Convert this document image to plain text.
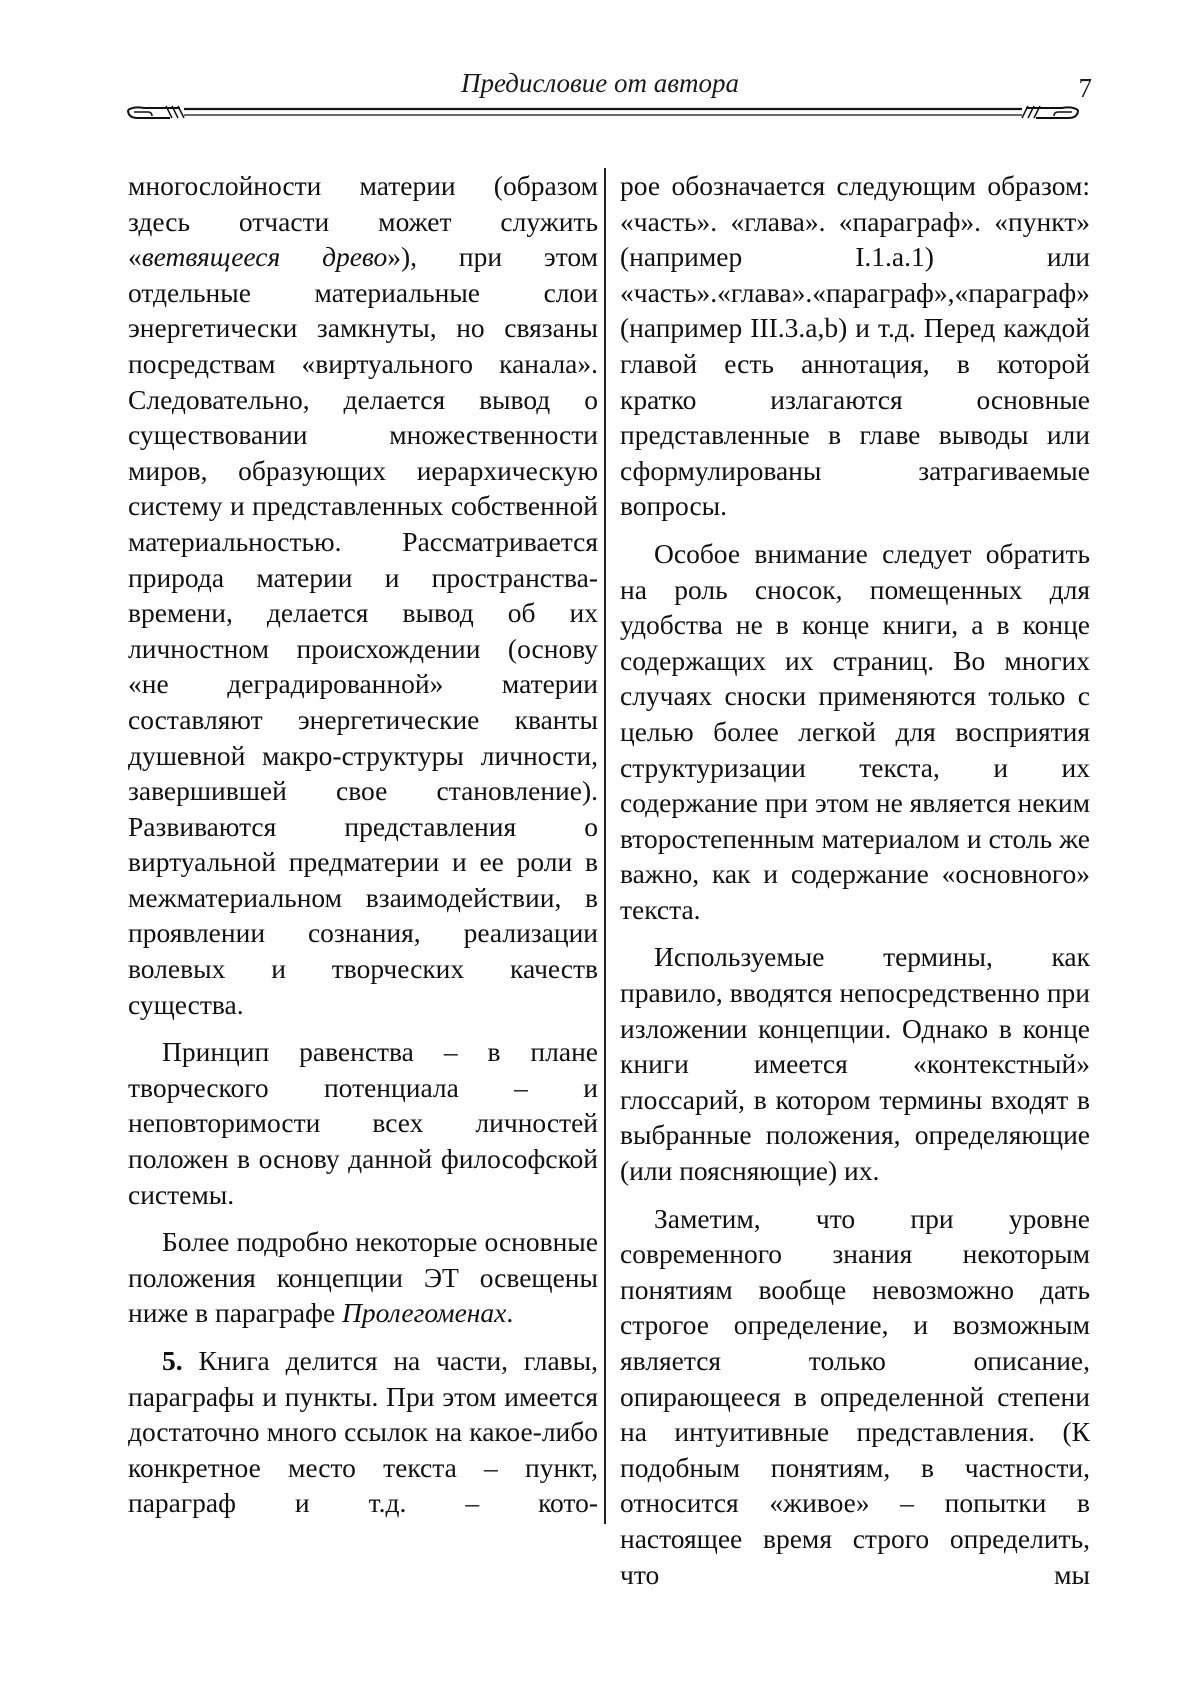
Предисловие от автора	7

многослойности материи (образом здесь отчасти может служить «ветвящееся древо»), при этом отдельные материальные слои энергетически замкнуты, но связаны посредствам «виртуального канала». Следовательно, делается вывод о существовании множественности миров, образующих иерархическую систему и представленных собственной материальностью. Рассматривается природа материи и пространства-времени, делается вывод об их личностном происхождении (основу «не деградированной» материи составляют энергетические кванты душевной макро-структуры личности, завершившей свое становление). Развиваются представления о виртуальной предматерии и ее роли в межматериальном взаимодействии, в проявлении сознания, реализации волевых и творческих качеств существа.

Принцип равенства – в плане творческого потенциала – и неповторимости всех личностей положен в основу данной философской системы.

Более подробно некоторые основные положения концепции ЭТ освещены ниже в параграфе Пролегоменах.

5. Книга делится на части, главы, параграфы и пункты. При этом имеется достаточно много ссылок на какое-либо конкретное место текста – пункт, параграф и т.д. – кото-

рое обозначается следующим образом: «часть». «глава». «параграф». «пункт» (например I.1.a.1) или «часть».«глава».«параграф»,«параграф» (например III.3.a,b) и т.д. Перед каждой главой есть аннотация, в которой кратко излагаются основные представленные в главе выводы или сформулированы затрагиваемые вопросы.

Особое внимание следует обратить на роль сносок, помещенных для удобства не в конце книги, а в конце содержащих их страниц. Во многих случаях сноски применяются только с целью более легкой для восприятия структуризации текста, и их содержание при этом не является неким второстепенным материалом и столь же важно, как и содержание «основного» текста.

Используемые термины, как правило, вводятся непосредственно при изложении концепции. Однако в конце книги имеется «контекстный» глоссарий, в котором термины входят в выбранные положения, определяющие (или поясняющие) их.

Заметим, что при уровне современного знания некоторым понятиям вообще невозможно дать строгое определение, и возможным является только описание, опирающееся в определенной степени на интуитивные представления. (К подобным понятиям, в частности, относится «живое» – попытки в настоящее время строго определить, что мы
